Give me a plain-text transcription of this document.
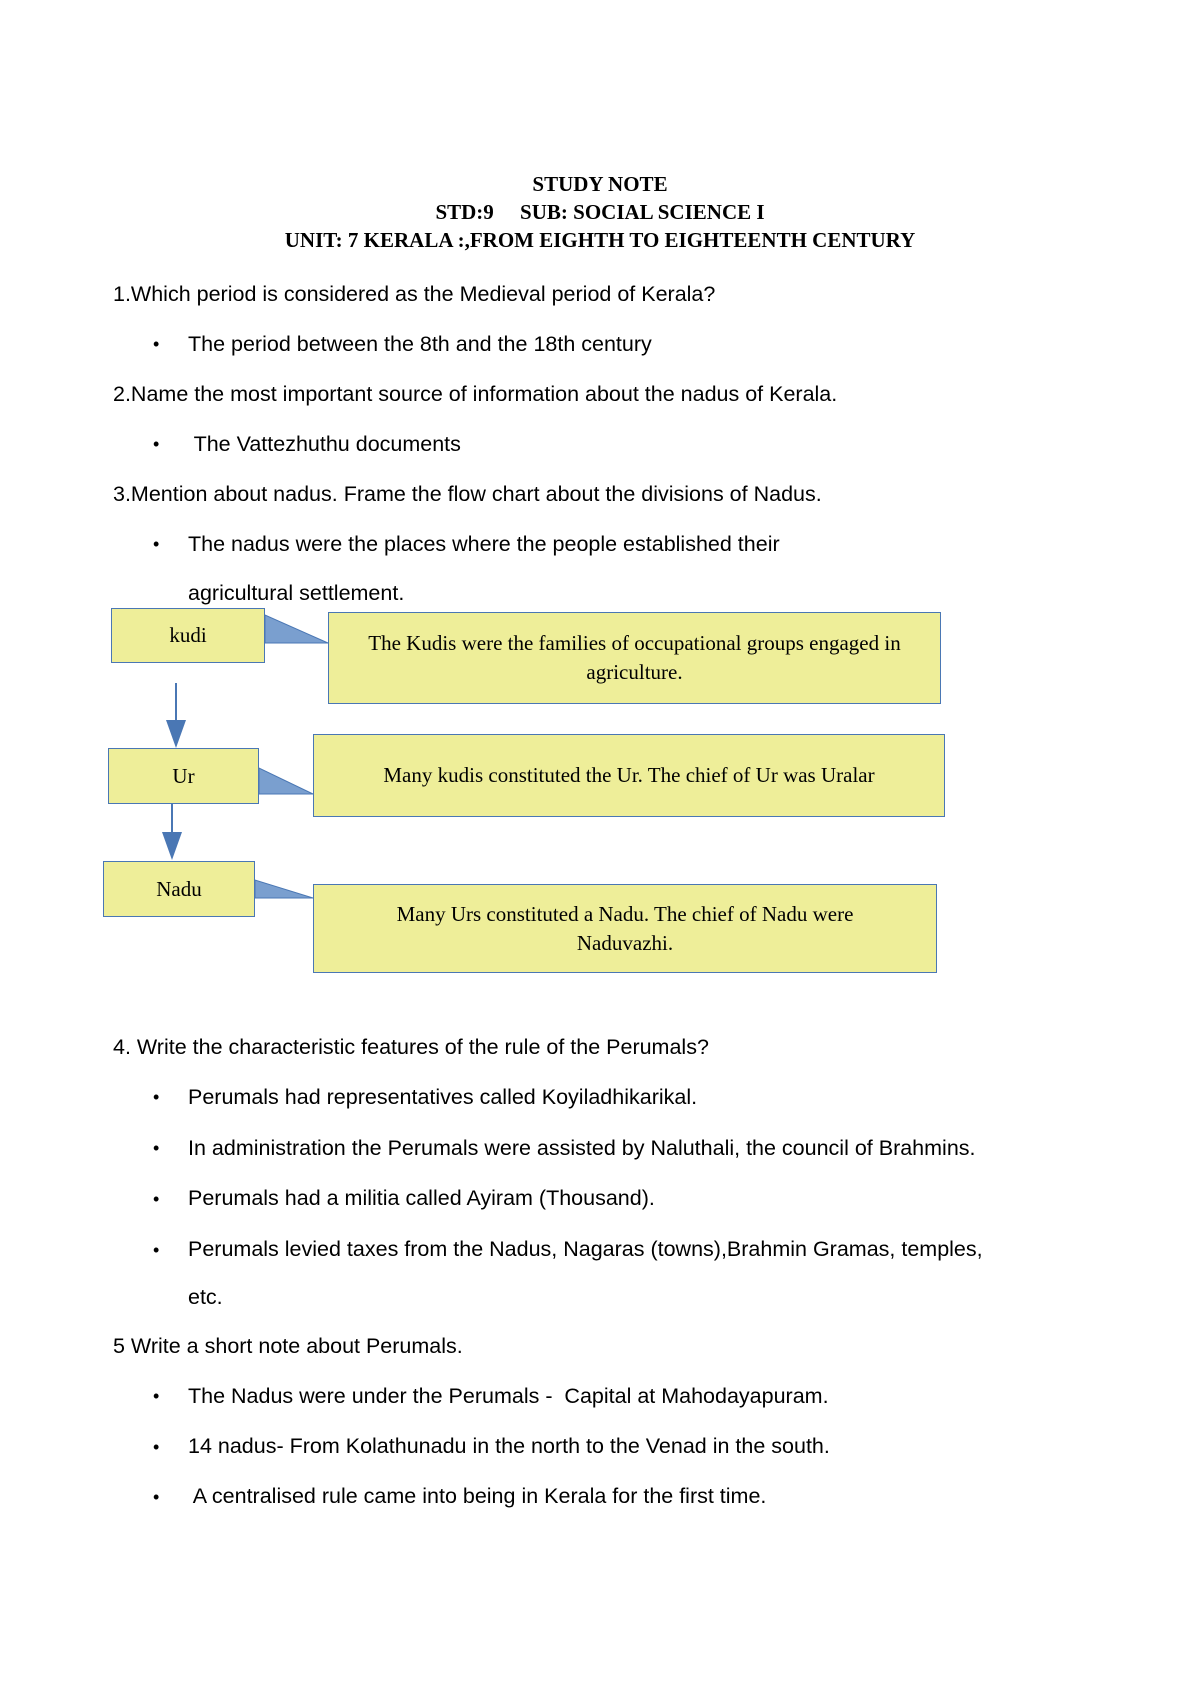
STUDY NOTE
STD:9     SUB: SOCIAL SCIENCE I
UNIT: 7 KERALA :,FROM EIGHTH TO EIGHTEENTH CENTURY
1.Which period is considered as the Medieval period of Kerala?
• The period between the 8th and the 18th century
2.Name the most important source of information about the nadus of Kerala.
• The Vattezhuthu documents
3.Mention about nadus. Frame the flow chart about the divisions of Nadus.
• The nadus were the places where the people established their
agricultural settlement.
kudi	The Kudis were the families of occupational groups engaged in agriculture.
Ur	Many kudis constituted the Ur. The chief of Ur was Uralar
Nadu
Many Urs constituted a Nadu. The chief of Nadu were Naduvazhi.
4. Write the characteristic features of the rule of the Perumals?
• Perumals had representatives called Koyiladhikarikal.
• In administration the Perumals were assisted by Naluthali, the council of Brahmins.
• Perumals had a militia called Ayiram (Thousand).
• Perumals levied taxes from the Nadus, Nagaras (towns),Brahmin Gramas, temples,
etc.
5 Write a short note about Perumals.
• The Nadus were under the Perumals -  Capital at Mahodayapuram.
• 14 nadus- From Kolathunadu in the north to the Venad in the south.
• A centralised rule came into being in Kerala for the first time.
